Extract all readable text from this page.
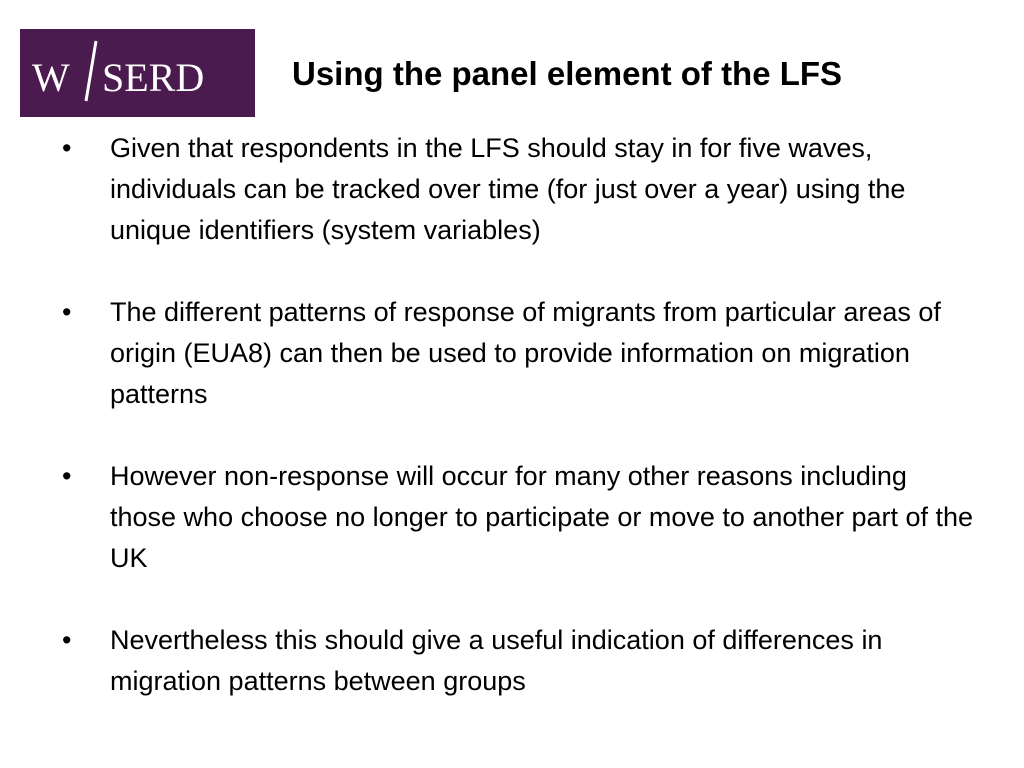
W SERD	Using the panel element of the LFS
• Given that respondents in the LFS should stay in for five waves, individuals can be tracked over time (for just over a year) using the unique identifiers (system variables)
• The different patterns of response of migrants from particular areas of origin (EUA8) can then be used to provide information on migration patterns
• However non-response will occur for many other reasons including those who choose no longer to participate or move to another part of the UK
• Nevertheless this should give a useful indication of differences in migration patterns between groups
